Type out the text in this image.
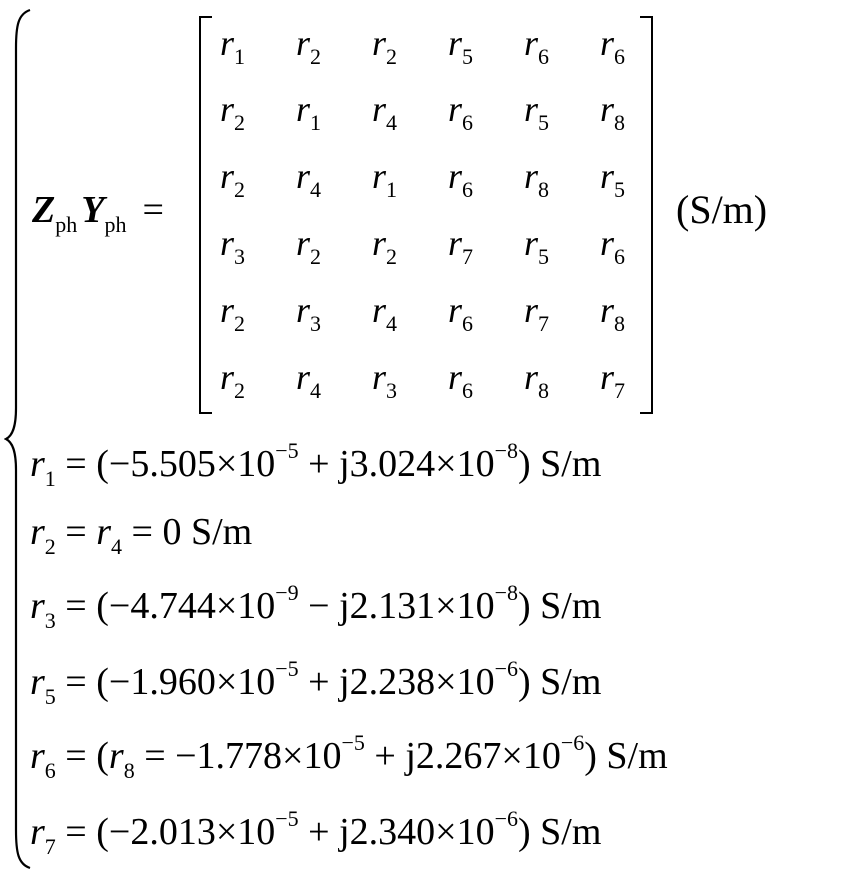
$Z_{ph}$ $Y_{ph}$ =
$r_1$ $r_2$ $r_2$ $r_5$ $r_6$ $r_6$
$r_2$ $r_1$ $r_4$ $r_6$ $r_5$ $r_8$
$r_2$ $r_4$ $r_1$ $r_6$ $r_8$ $r_5$
$r_3$ $r_2$ $r_2$ $r_7$ $r_5$ $r_6$
$r_2$ $r_3$ $r_4$ $r_6$ $r_7$ $r_8$
$r_2$ $r_4$ $r_3$ $r_6$ $r_8$ $r_7$
(S/m)
$r_1 = (-5.505\times 10^{-5} + j3.024\times 10^{-8})$ S/m
$r_2 = r_4 = 0$ S/m
$r_3 = (-4.744\times 10^{-9} - j2.131\times 10^{-8})$ S/m
$r_5 = (-1.960\times 10^{-5} + j2.238\times 10^{-6})$ S/m
$r_6 = (r_8 = -1.778\times 10^{-5} + j2.267\times 10^{-6})$ S/m
$r_7 = (-2.013\times 10^{-5} + j2.340\times 10^{-6})$ S/m
